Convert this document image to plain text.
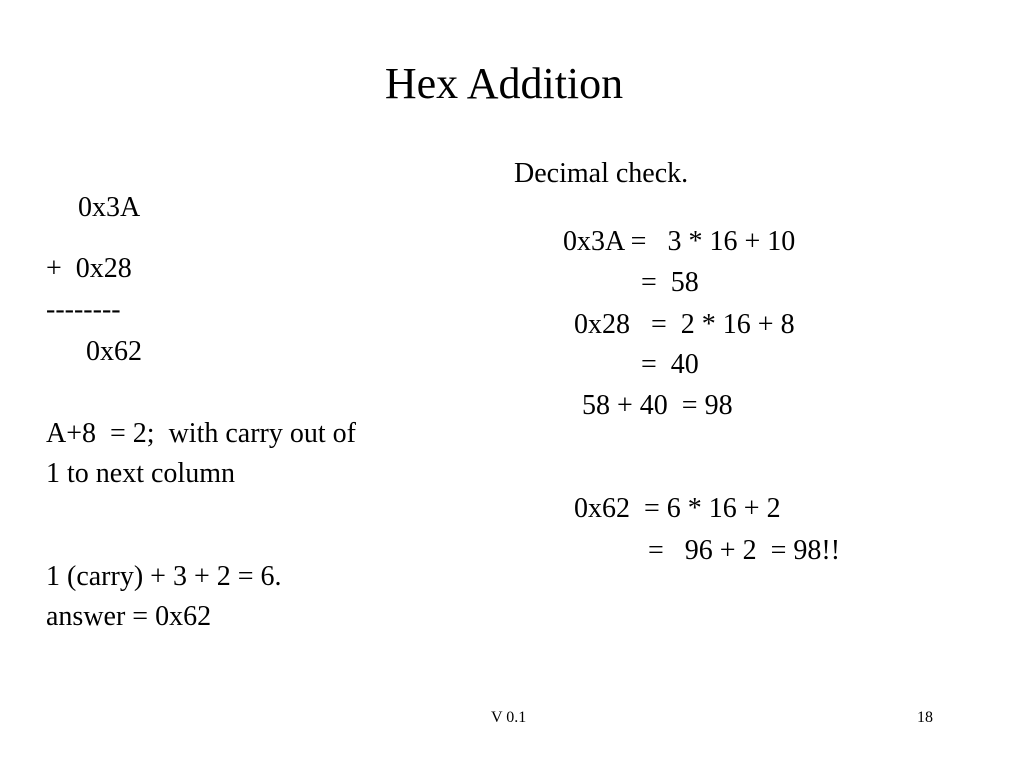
Hex Addition
0x3A
+  0x28
--------
0x62
A+8  = 2;  with carry out of
1 to next column
1 (carry) + 3 + 2 = 6.
answer = 0x62
Decimal check.
0x3A =   3 * 16 + 10
=  58
0x28   =  2 * 16 + 8
=  40
58 + 40  = 98
0x62  = 6 * 16 + 2
=   96 + 2  = 98!!
V 0.1	18
